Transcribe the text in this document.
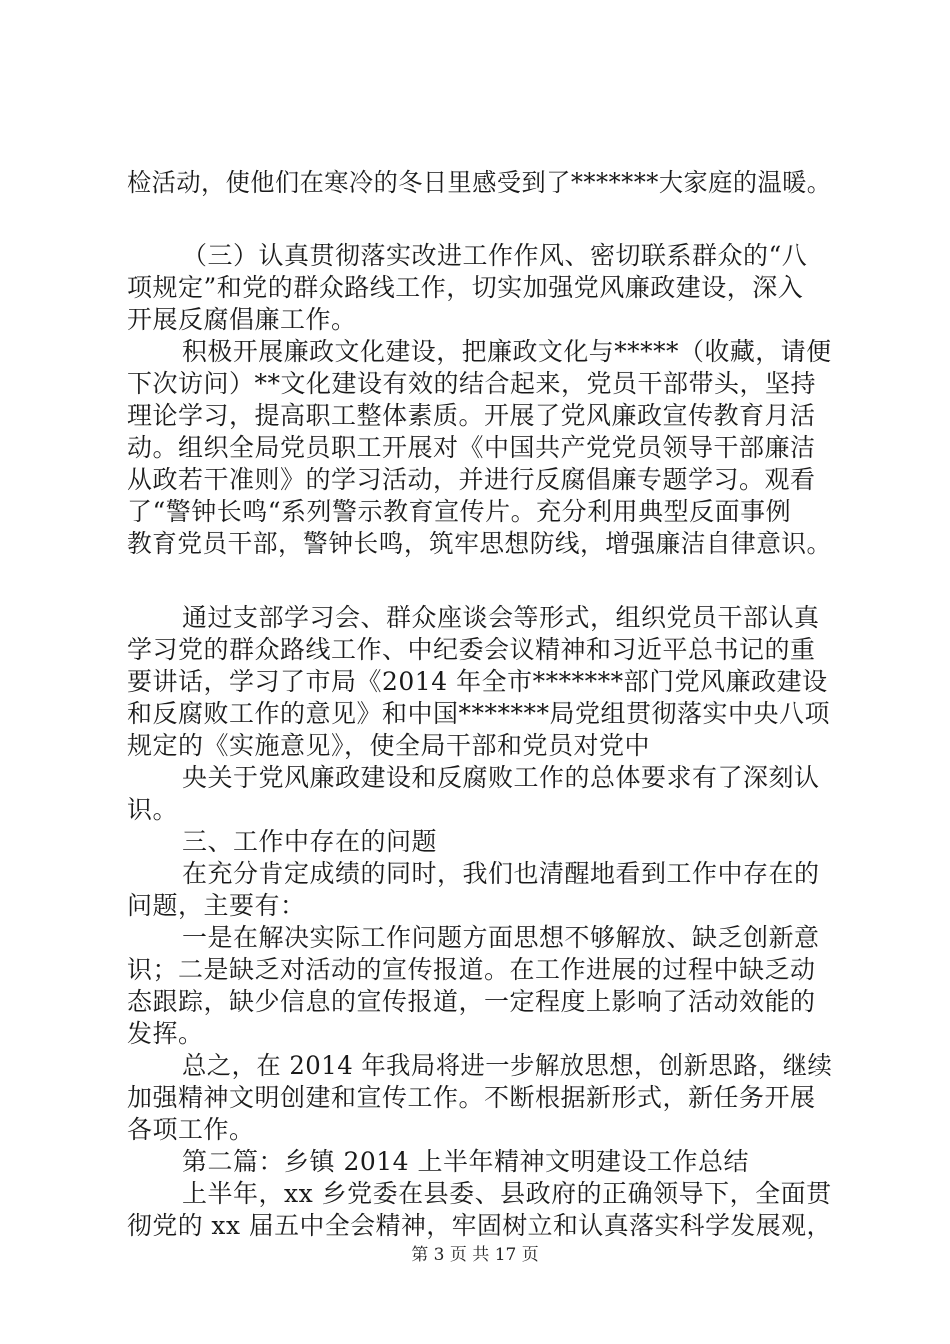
检活动，使他们在寒冷的冬日里感受到了*******大家庭的温暖。
（三）认真贯彻落实改进工作作风、密切联系群众的“八
项规定”和党的群众路线工作，切实加强党风廉政建设，深入
开展反腐倡廉工作。
积极开展廉政文化建设，把廉政文化与*****（收藏，请便
下次访问）**文化建设有效的结合起来，党员干部带头，坚持
理论学习，提高职工整体素质。开展了党风廉政宣传教育月活
动。组织全局党员职工开展对《中国共产党党员领导干部廉洁
从政若干准则》的学习活动，并进行反腐倡廉专题学习。观看
了“警钟长鸣“系列警示教育宣传片。充分利用典型反面事例
教育党员干部，警钟长鸣，筑牢思想防线，增强廉洁自律意识。
通过支部学习会、群众座谈会等形式，组织党员干部认真
学习党的群众路线工作、中纪委会议精神和习近平总书记的重
要讲话，学习了市局《2014 年全市*******部门党风廉政建设
和反腐败工作的意见》和中国*******局党组贯彻落实中央八项
规定的《实施意见》，使全局干部和党员对党中
央关于党风廉政建设和反腐败工作的总体要求有了深刻认
识。
三、工作中存在的问题
在充分肯定成绩的同时，我们也清醒地看到工作中存在的
问题，主要有：
一是在解决实际工作问题方面思想不够解放、缺乏创新意
识；二是缺乏对活动的宣传报道。在工作进展的过程中缺乏动
态跟踪，缺少信息的宣传报道，一定程度上影响了活动效能的
发挥。
总之，在 2014 年我局将进一步解放思想，创新思路，继续
加强精神文明创建和宣传工作。不断根据新形式，新任务开展
各项工作。
第二篇：乡镇 2014 上半年精神文明建设工作总结
上半年，xx 乡党委在县委、县政府的正确领导下，全面贯
彻党的 xx 届五中全会精神，牢固树立和认真落实科学发展观，
第 3 页 共 17 页
